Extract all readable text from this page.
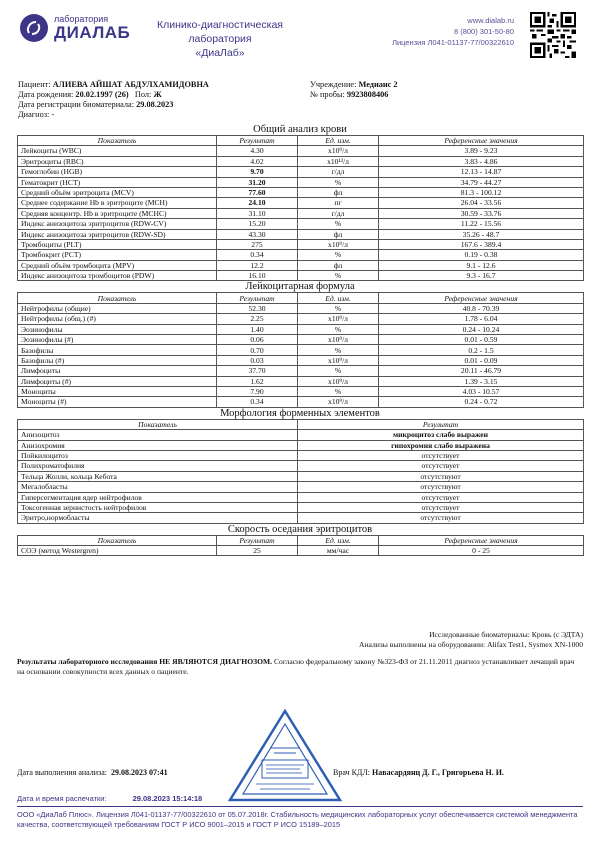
лаборатория
ДИАЛАБ	Клинико-диагностическая лаборатория
«ДиаЛаб»
www.dialab.ru
8 (800) 301-50-80
Лицензия Л041-01137-77/00322610
Пациент: АЛИЕВА АЙШАТ АБДУЛХАМИДОВНА
Дата рождения: 20.02.1997 (26) Пол: Ж
Дата регистрации биоматериала: 29.08.2023
Диагноз: -
Учреждение: Медианс 2
№ пробы: 9923808406
Общий анализ крови
Показатель	Результат	Ед. изм.	Референсные значения
Лейкоциты (WBC)	4.30	x10⁹/л	3.89 - 9.23
Эритроциты (RBC)	4.02	x10¹²/л	3.83 - 4.86
Гемоглобин (HGB)	9.70	г/дл	12.13 - 14.87
Гематокрит (HCT)	31.20	%	34.79 - 44.27
Средний объём эритроцита (MCV)	77.60	фл	81.3 - 100.12
Среднее содержание Hb в эритроците (MCH)	24.10	пг	26.04 - 33.56
Средняя концентр. Hb в эритроците (MCHC)	31.10	г/дл	30.59 - 33.76
Индекс анизоцитоза эритроцитов (RDW-CV)	15.20	%	11.22 - 15.56
Индекс анизоцитоза эритроцитов (RDW-SD)	43.30	фл	35.26 - 48.7
Тромбоциты (PLT)	275	x10⁹/л	167.6 - 389.4
Тромбокрит (PCT)	0.34	%	0.19 - 0.38
Средний объём тромбоцита (MPV)	12.2	фл	9.1 - 12.6
Индекс анизоцитоза тромбоцитов (PDW)	16.10	%	9.3 - 16.7
Лейкоцитарная формула
Показатель	Результат	Ед. изм.	Референсные значения
Нейтрофилы (общие)	52.30	%	40.8 - 70.39
Нейтрофилы (общ.) (#)	2.25	x10⁹/л	1.78 - 6.04
Эозинофилы	1.40	%	0.24 - 10.24
Эозинофилы (#)	0.06	x10⁹/л	0.01 - 0.59
Базофилы	0.70	%	0.2 - 1.5
Базофилы (#)	0.03	x10⁹/л	0.01 - 0.09
Лимфоциты	37.70	%	20.11 - 46.79
Лимфоциты (#)	1.62	x10⁹/л	1.39 - 3.15
Моноциты	7.90	%	4.03 - 10.57
Моноциты (#)	0.34	x10⁹/л	0.24 - 0.72
Морфология форменных элементов
Показатель	Результат
Анизоцитоз	микроцитоз слабо выражен
Анизохромия	гипохромия слабо выражена
Пойкилоцитоз	отсутствует
Полихроматофилия	отсутствует
Тельца Жолли, кольца Кебота	отсутствуют
Мегалобласты	отсутствуют
Гиперсегментация ядер нейтрофилов	отсутствует
Токсогенная зернистость нейтрофилов	отсутствует
Эритро,нормобласты	отсутствуют
Скорость оседания эритроцитов
Показатель	Результат	Ед. изм.	Референсные значения
СОЭ (метод Westergren)	25	мм/час	0 - 25
Исследованные биоматериалы: Кровь (с ЭДТА)
Анализы выполнены на оборудовании: Alifax Test1, Sysmex XN-1000
Результаты лабораторного исследования НЕ ЯВЛЯЮТСЯ ДИАГНОЗОМ. Согласно федеральному закону №323-ФЗ от 21.11.2011 диагноз устанавливает лечащий врач на основании совокупности всех данных о пациенте.
Дата выполнения анализа: 29.08.2023 07:41	Врач КДЛ: Навасардянц Д. Г., Григорьева Н. И.
Дата и время распечатки:	29.08.2023 15:14:18
ООО «ДиаЛаб Плюс». Лицензия Л041-01137-77/00322610 от 05.07.2018г. Стабильность медицинских лабораторных услуг обеспечивается системой менеджмента качества, соответствующей требованиям ГОСТ Р ИСО 9001–2015 и ГОСТ Р ИСО 15189–2015
